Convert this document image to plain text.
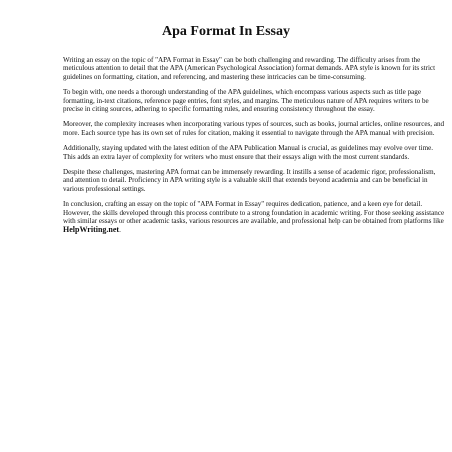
Apa Format In Essay

Writing an essay on the topic of "APA Format in Essay" can be both challenging and rewarding. The difficulty arises from the meticulous attention to detail that the APA (American Psychological Association) format demands. APA style is known for its strict guidelines on formatting, citation, and referencing, and mastering these intricacies can be time-consuming.

To begin with, one needs a thorough understanding of the APA guidelines, which encompass various aspects such as title page formatting, in-text citations, reference page entries, font styles, and margins. The meticulous nature of APA requires writers to be precise in citing sources, adhering to specific formatting rules, and ensuring consistency throughout the essay.

Moreover, the complexity increases when incorporating various types of sources, such as books, journal articles, online resources, and more. Each source type has its own set of rules for citation, making it essential to navigate through the APA manual with precision.

Additionally, staying updated with the latest edition of the APA Publication Manual is crucial, as guidelines may evolve over time. This adds an extra layer of complexity for writers who must ensure that their essays align with the most current standards.

Despite these challenges, mastering APA format can be immensely rewarding. It instills a sense of academic rigor, professionalism, and attention to detail. Proficiency in APA writing style is a valuable skill that extends beyond academia and can be beneficial in various professional settings.

In conclusion, crafting an essay on the topic of "APA Format in Essay" requires dedication, patience, and a keen eye for detail. However, the skills developed through this process contribute to a strong foundation in academic writing. For those seeking assistance with similar essays or other academic tasks, various resources are available, and professional help can be obtained from platforms like HelpWriting.net.
